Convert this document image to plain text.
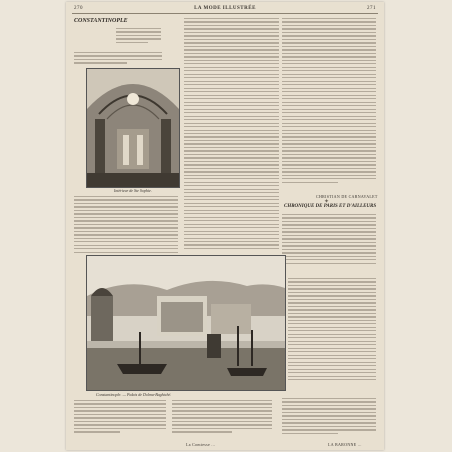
270	LA MODE ILLUSTRÉE	271
CONSTANTINOPLE
Intérieur de Ste Sophie.
CHRISTIAN DE CARNAVALET
✦
CHRONIQUE DE PARIS ET D'AILLEURS
Constantinople. — Palais de Dolma-Baghtché.
La Comtesse ...	LA BARONNE ...
